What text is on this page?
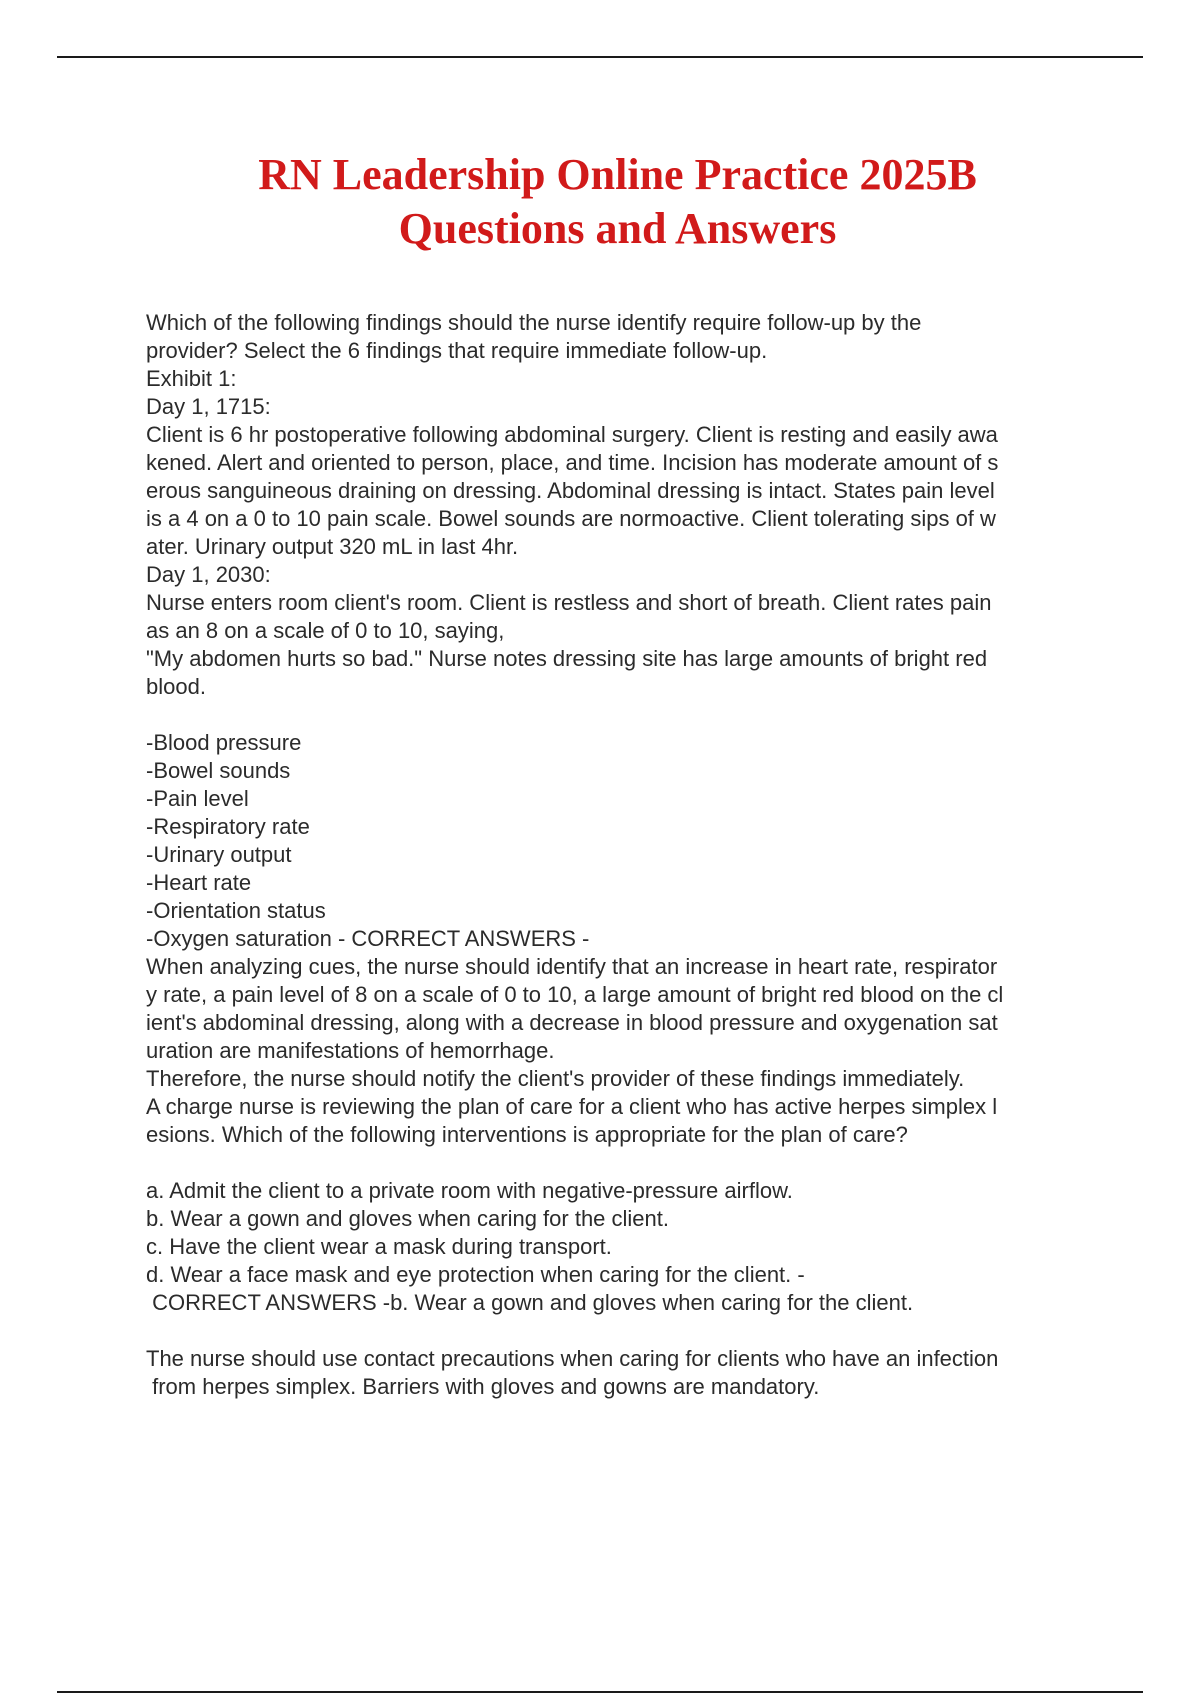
RN Leadership Online Practice 2025B
Questions and Answers
Which of the following findings should the nurse identify require follow-up by the
provider? Select the 6 findings that require immediate follow-up.
Exhibit 1:
Day 1, 1715:
Client is 6 hr postoperative following abdominal surgery. Client is resting and easily awa
kened. Alert and oriented to person, place, and time. Incision has moderate amount of s
erous sanguineous draining on dressing. Abdominal dressing is intact. States pain level
is a 4 on a 0 to 10 pain scale. Bowel sounds are normoactive. Client tolerating sips of w
ater. Urinary output 320 mL in last 4hr.
Day 1, 2030:
Nurse enters room client's room. Client is restless and short of breath. Client rates pain
as an 8 on a scale of 0 to 10, saying,
"My abdomen hurts so bad." Nurse notes dressing site has large amounts of bright red
blood.
-Blood pressure
-Bowel sounds
-Pain level
-Respiratory rate
-Urinary output
-Heart rate
-Orientation status
-Oxygen saturation - CORRECT ANSWERS -
When analyzing cues, the nurse should identify that an increase in heart rate, respirator
y rate, a pain level of 8 on a scale of 0 to 10, a large amount of bright red blood on the cl
ient's abdominal dressing, along with a decrease in blood pressure and oxygenation sat
uration are manifestations of hemorrhage.
Therefore, the nurse should notify the client's provider of these findings immediately.
A charge nurse is reviewing the plan of care for a client who has active herpes simplex l
esions. Which of the following interventions is appropriate for the plan of care?
a. Admit the client to a private room with negative-pressure airflow.
b. Wear a gown and gloves when caring for the client.
c. Have the client wear a mask during transport.
d. Wear a face mask and eye protection when caring for the client. -
CORRECT ANSWERS -b. Wear a gown and gloves when caring for the client.
The nurse should use contact precautions when caring for clients who have an infection
from herpes simplex. Barriers with gloves and gowns are mandatory.
